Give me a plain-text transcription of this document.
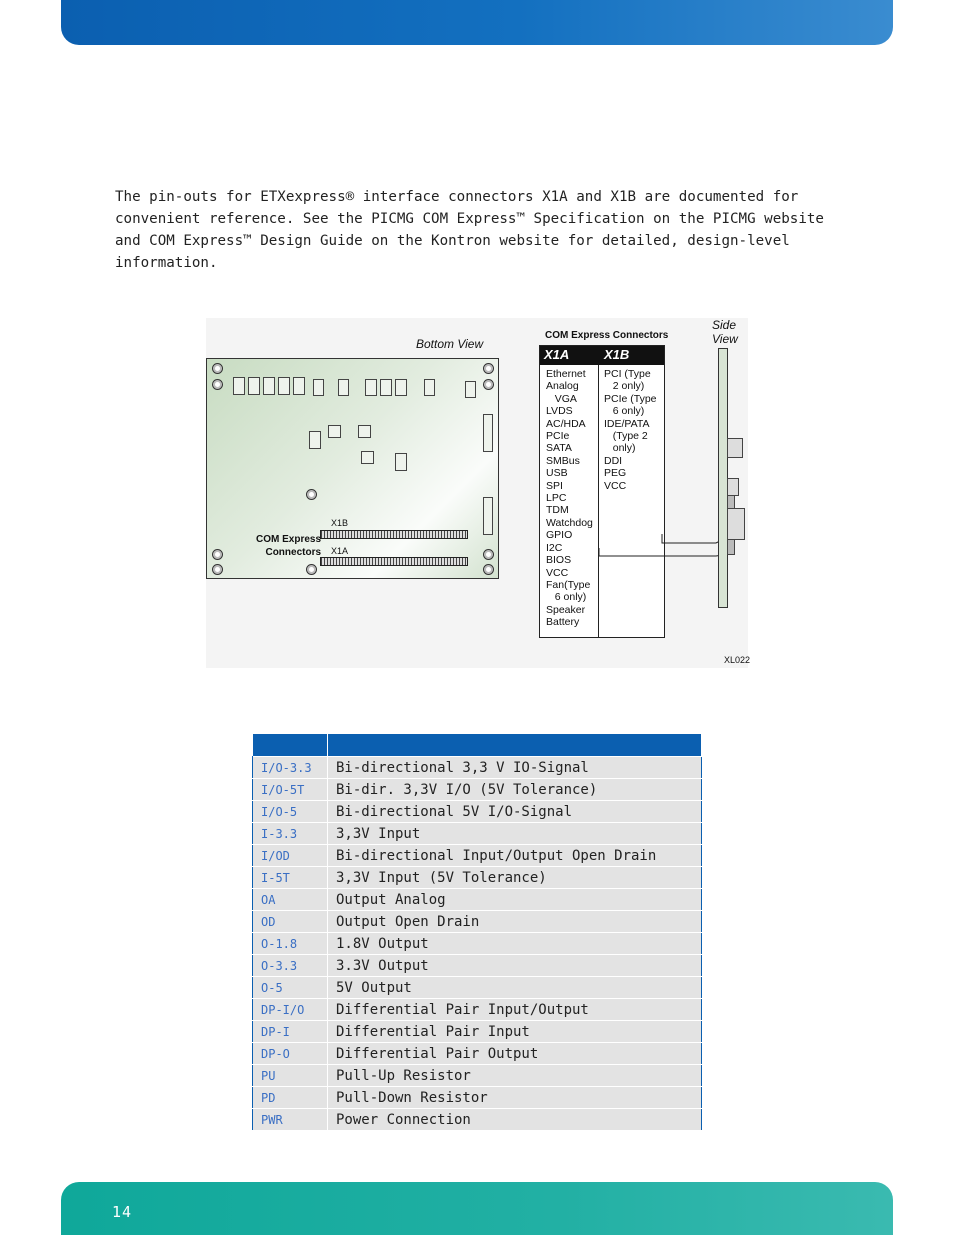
The pin-outs for ETXexpress® interface connectors X1A and X1B are documented for convenient reference. See the PICMG COM Express™ Specification on the PICMG website and COM Express™ Design Guide on the Kontron website for detailed, design-level information.

Bottom View
Side
View
X1B
X1A
COM Express
Connectors
COM Express Connectors
X1A	X1B
Ethernet
Analog
VGA
LVDS
AC/HDA
PCIe
SATA
SMBus
USB
SPI
LPC
TDM
Watchdog
GPIO
I2C
BIOS
VCC
Fan(Type
6 only)
Speaker
Battery
PCI (Type
2 only)
PCIe (Type
6 only)
IDE/PATA
(Type 2
only)
DDI
PEG
VCC
XL022

I/O-3.3	Bi-directional 3,3 V IO-Signal
I/O-5T	Bi-dir. 3,3V I/O (5V Tolerance)
I/O-5	Bi-directional 5V I/O-Signal
I-3.3	3,3V Input
I/OD	Bi-directional Input/Output Open Drain
I-5T	3,3V Input (5V Tolerance)
OA	Output Analog
OD	Output Open Drain
O-1.8	1.8V Output
O-3.3	3.3V Output
O-5	5V Output
DP-I/O	Differential Pair Input/Output
DP-I	Differential Pair Input
DP-O	Differential Pair Output
PU	Pull-Up Resistor
PD	Pull-Down Resistor
PWR	Power Connection
14
